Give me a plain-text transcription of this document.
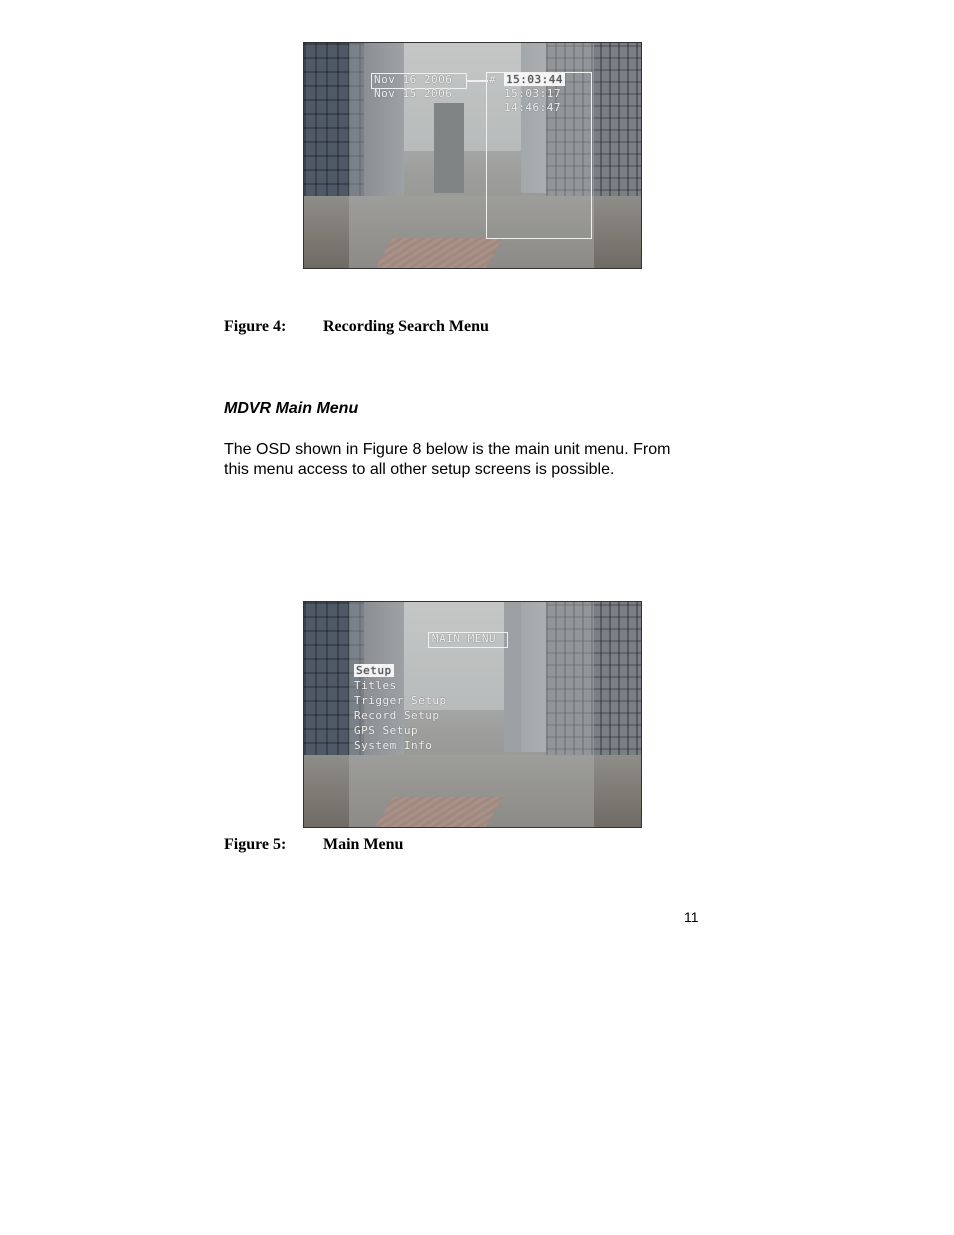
Nov 16 2006
Nov 15 2006
# 15:03:44
15:03:17
14:46:47
Figure 4: Recording Search Menu
MDVR Main Menu
The OSD shown in Figure 8 below is the main unit menu. From
this menu access to all other setup screens is possible.
MAIN MENU
Setup
Titles
Trigger Setup
Record Setup
GPS Setup
System Info
Figure 5: Main Menu
11
